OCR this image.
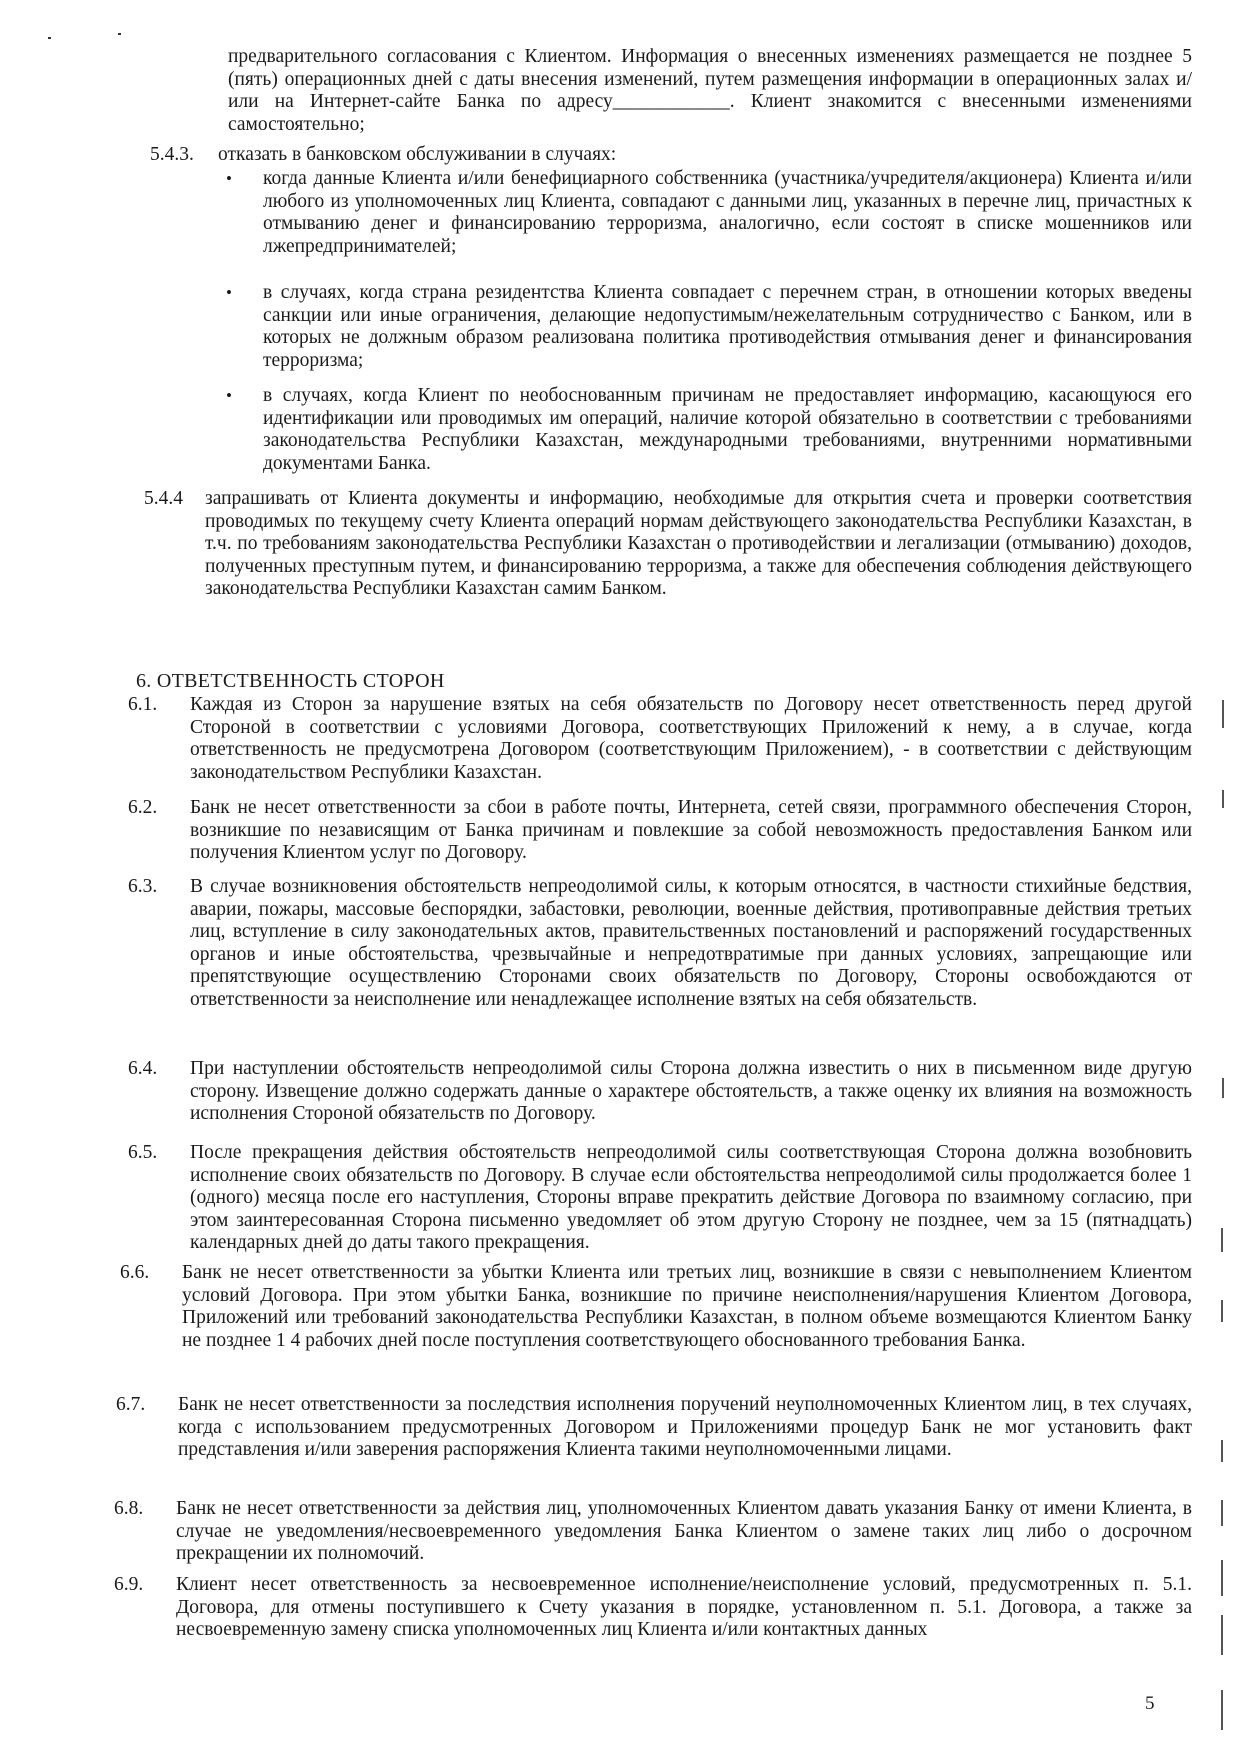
предварительного согласования с Клиентом. Информация о внесенных изменениях размещается не позднее 5 (пять) операционных дней с даты внесения изменений, путем размещения информации в операционных залах и/или на Интернет-сайте Банка по адресу____________. Клиент знакомится с внесенными изменениями самостоятельно;
5.4.3. отказать в банковском обслуживании в случаях:
• когда данные Клиента и/или бенефициарного собственника (участника/учредителя/акционера) Клиента и/или любого из уполномоченных лиц Клиента, совпадают с данными лиц, указанных в перечне лиц, причастных к отмыванию денег и финансированию терроризма, аналогично, если состоят в списке мошенников или лжепредпринимателей;
• в случаях, когда страна резидентства Клиента совпадает с перечнем стран, в отношении которых введены санкции или иные ограничения, делающие недопустимым/нежелательным сотрудничество с Банком, или в которых не должным образом реализована политика противодействия отмывания денег и финансирования терроризма;
• в случаях, когда Клиент по необоснованным причинам не предоставляет информацию, касающуюся его идентификации или проводимых им операций, наличие которой обязательно в соответствии с требованиями законодательства Республики Казахстан, международными требованиями, внутренними нормативными документами Банка.
5.4.4 запрашивать от Клиента документы и информацию, необходимые для открытия счета и проверки соответствия проводимых по текущему счету Клиента операций нормам действующего законодательства Республики Казахстан, в т.ч. по требованиям законодательства Республики Казахстан о противодействии и легализации (отмыванию) доходов, полученных преступным путем, и финансированию терроризма, а также для обеспечения соблюдения действующего законодательства Республики Казахстан самим Банком.
6. ОТВЕТСТВЕННОСТЬ СТОРОН
6.1. Каждая из Сторон за нарушение взятых на себя обязательств по Договору несет ответственность перед другой Стороной в соответствии с условиями Договора, соответствующих Приложений к нему, а в случае, когда ответственность не предусмотрена Договором (соответствующим Приложением), - в соответствии с действующим законодательством Республики Казахстан.
6.2. Банк не несет ответственности за сбои в работе почты, Интернета, сетей связи, программного обеспечения Сторон, возникшие по независящим от Банка причинам и повлекшие за собой невозможность предоставления Банком или получения Клиентом услуг по Договору.
6.3. В случае возникновения обстоятельств непреодолимой силы, к которым относятся, в частности стихийные бедствия, аварии, пожары, массовые беспорядки, забастовки, революции, военные действия, противоправные действия третьих лиц, вступление в силу законодательных актов, правительственных постановлений и распоряжений государственных органов и иные обстоятельства, чрезвычайные и непредотвратимые при данных условиях, запрещающие или препятствующие осуществлению Сторонами своих обязательств по Договору, Стороны освобождаются от ответственности за неисполнение или ненадлежащее исполнение взятых на себя обязательств.
6.4. При наступлении обстоятельств непреодолимой силы Сторона должна известить о них в письменном виде другую сторону. Извещение должно содержать данные о характере обстоятельств, а также оценку их влияния на возможность исполнения Стороной обязательств по Договору.
6.5. После прекращения действия обстоятельств непреодолимой силы соответствующая Сторона должна возобновить исполнение своих обязательств по Договору. В случае если обстоятельства непреодолимой силы продолжается более 1 (одного) месяца после его наступления, Стороны вправе прекратить действие Договора по взаимному согласию, при этом заинтересованная Сторона письменно уведомляет об этом другую Сторону не позднее, чем за 15 (пятнадцать) календарных дней до даты такого прекращения.
6.6. Банк не несет ответственности за убытки Клиента или третьих лиц, возникшие в связи с невыполнением Клиентом условий Договора. При этом убытки Банка, возникшие по причине неисполнения/нарушения Клиентом Договора, Приложений или требований законодательства Республики Казахстан, в полном объеме возмещаются Клиентом Банку не позднее 1 4 рабочих дней после поступления соответствующего обоснованного требования Банка.
6.7. Банк не несет ответственности за последствия исполнения поручений неуполномоченных Клиентом лиц, в тех случаях, когда с использованием предусмотренных Договором и Приложениями процедур Банк не мог установить факт представления и/или заверения распоряжения Клиента такими неуполномоченными лицами.
6.8. Банк не несет ответственности за действия лиц, уполномоченных Клиентом давать указания Банку от имени Клиента, в случае не уведомления/несвоевременного уведомления Банка Клиентом о замене таких лиц либо о досрочном прекращении их полномочий.
6.9. Клиент несет ответственность за несвоевременное исполнение/неисполнение условий, предусмотренных п. 5.1. Договора, для отмены поступившего к Счету указания в порядке, установленном п. 5.1. Договора, а также за несвоевременную замену списка уполномоченных лиц Клиента и/или контактных данных
5
